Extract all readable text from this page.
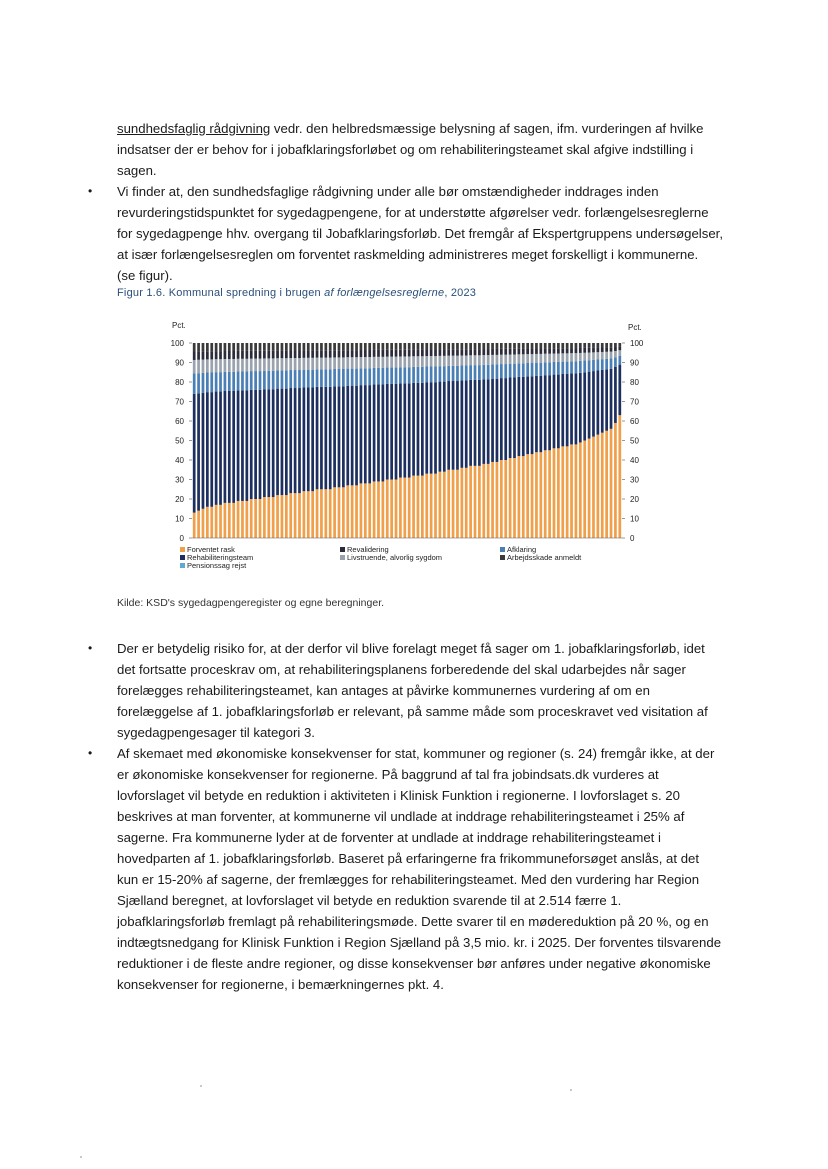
sundhedsfaglig rådgivning vedr. den helbredsmæssige belysning af sagen, ifm. vurderingen af hvilke
indsatser der er behov for i jobafklaringsforløbet og om rehabiliteringsteamet skal afgive indstilling i
sagen.
• Vi finder at, den sundhedsfaglige rådgivning under alle bør omstændigheder inddrages inden
revurderingstidspunktet for sygedagpengene, for at understøtte afgørelser vedr. forlængelsesreglerne
for sygedagpenge hhv. overgang til Jobafklaringsforløb. Det fremgår af Ekspertgruppens undersøgelser,
at især forlængelsesreglen om forventet raskmelding administreres meget forskelligt i kommunerne.
(se figur).
Figur 1.6. Kommunal spredning i brugen af forlængelsesreglerne, 2023
Pct.	Pct.
0	0
10	10
20	20
30	30
40	40
50	50
60	60
70	70
80	80
90	90
100	100
Forventet rask	Revalidering	Afklaring
Rehabiliteringsteam	Livstruende, alvorlig sygdom	Arbejdsskade anmeldt
Pensionssag rejst
Kilde: KSD's sygedagpengeregister og egne beregninger.
• Der er betydelig risiko for, at der derfor vil blive forelagt meget få sager om 1. jobafklaringsforløb, idet
det fortsatte proceskrav om, at rehabiliteringsplanens forberedende del skal udarbejdes når sager
forelægges rehabiliteringsteamet, kan antages at påvirke kommunernes vurdering af om en
forelæggelse af 1. jobafklaringsforløb er relevant, på samme måde som proceskravet ved visitation af
sygedagpengesager til kategori 3.
• Af skemaet med økonomiske konsekvenser for stat, kommuner og regioner (s. 24) fremgår ikke, at der
er økonomiske konsekvenser for regionerne. På baggrund af tal fra jobindsats.dk vurderes at
lovforslaget vil betyde en reduktion i aktiviteten i Klinisk Funktion i regionerne. I lovforslaget s. 20
beskrives at man forventer, at kommunerne vil undlade at inddrage rehabiliteringsteamet i 25% af
sagerne. Fra kommunerne lyder at de forventer at undlade at inddrage rehabiliteringsteamet i
hovedparten af 1. jobafklaringsforløb. Baseret på erfaringerne fra frikommuneforsøget anslås, at det
kun er 15-20% af sagerne, der fremlægges for rehabiliteringsteamet. Med den vurdering har Region
Sjælland beregnet, at lovforslaget vil betyde en reduktion svarende til at 2.514 færre 1.
jobafklaringsforløb fremlagt på rehabiliteringsmøde. Dette svarer til en mødereduktion på 20 %, og en
indtægtsnedgang for Klinisk Funktion i Region Sjælland på 3,5 mio. kr. i 2025. Der forventes tilsvarende
reduktioner i de fleste andre regioner, og disse konsekvenser bør anføres under negative økonomiske
konsekvenser for regionerne, i bemærkningernes pkt. 4.
